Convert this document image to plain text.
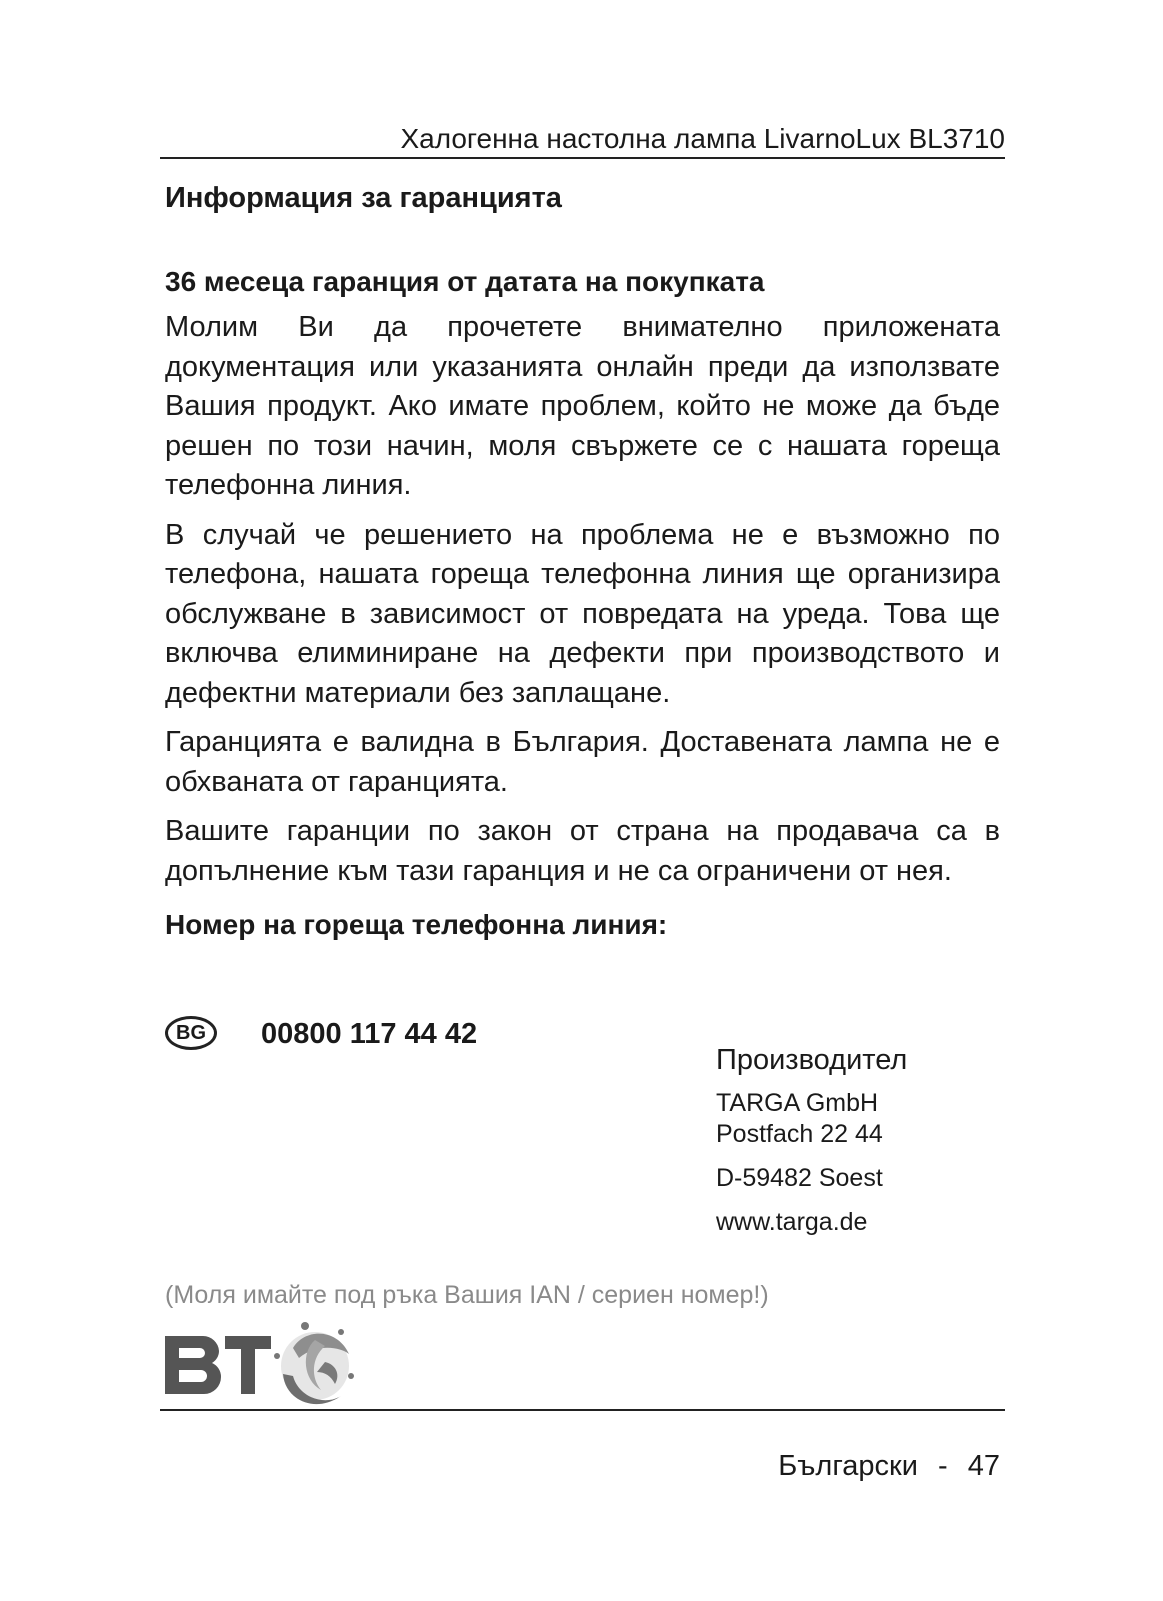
Халогенна настолна лампа LivarnoLux BL3710
Информация за гаранцията
36 месеца гаранция от датата на покупката

Молим Ви да прочетете внимателно приложената документация или указанията онлайн преди да използвате Вашия продукт. Ако имате проблем, който не може да бъде решен по този начин, моля свържете се с нашата гореща телефонна линия.

В случай че решението на проблема не е възможно по телефона, нашата гореща телефонна линия ще организира обслужване в зависимост от повредата на уреда. Това ще включва елиминиране на дефекти при производството и дефектни материали без заплащане.

Гаранцията е валидна в България. Доставената лампа не е обхваната от гаранцията.

Вашите гаранции по закон от страна на продавача са в допълнение към тази гаранция и не са ограничени от нея.

Номер на гореща телефонна линия:
BG	00800 117 44 42
Производител
TARGA GmbH
Postfach 22 44
D-59482 Soest
www.targa.de
(Моля имайте под ръка Вашия IAN / сериен номер!)
Български - 47
